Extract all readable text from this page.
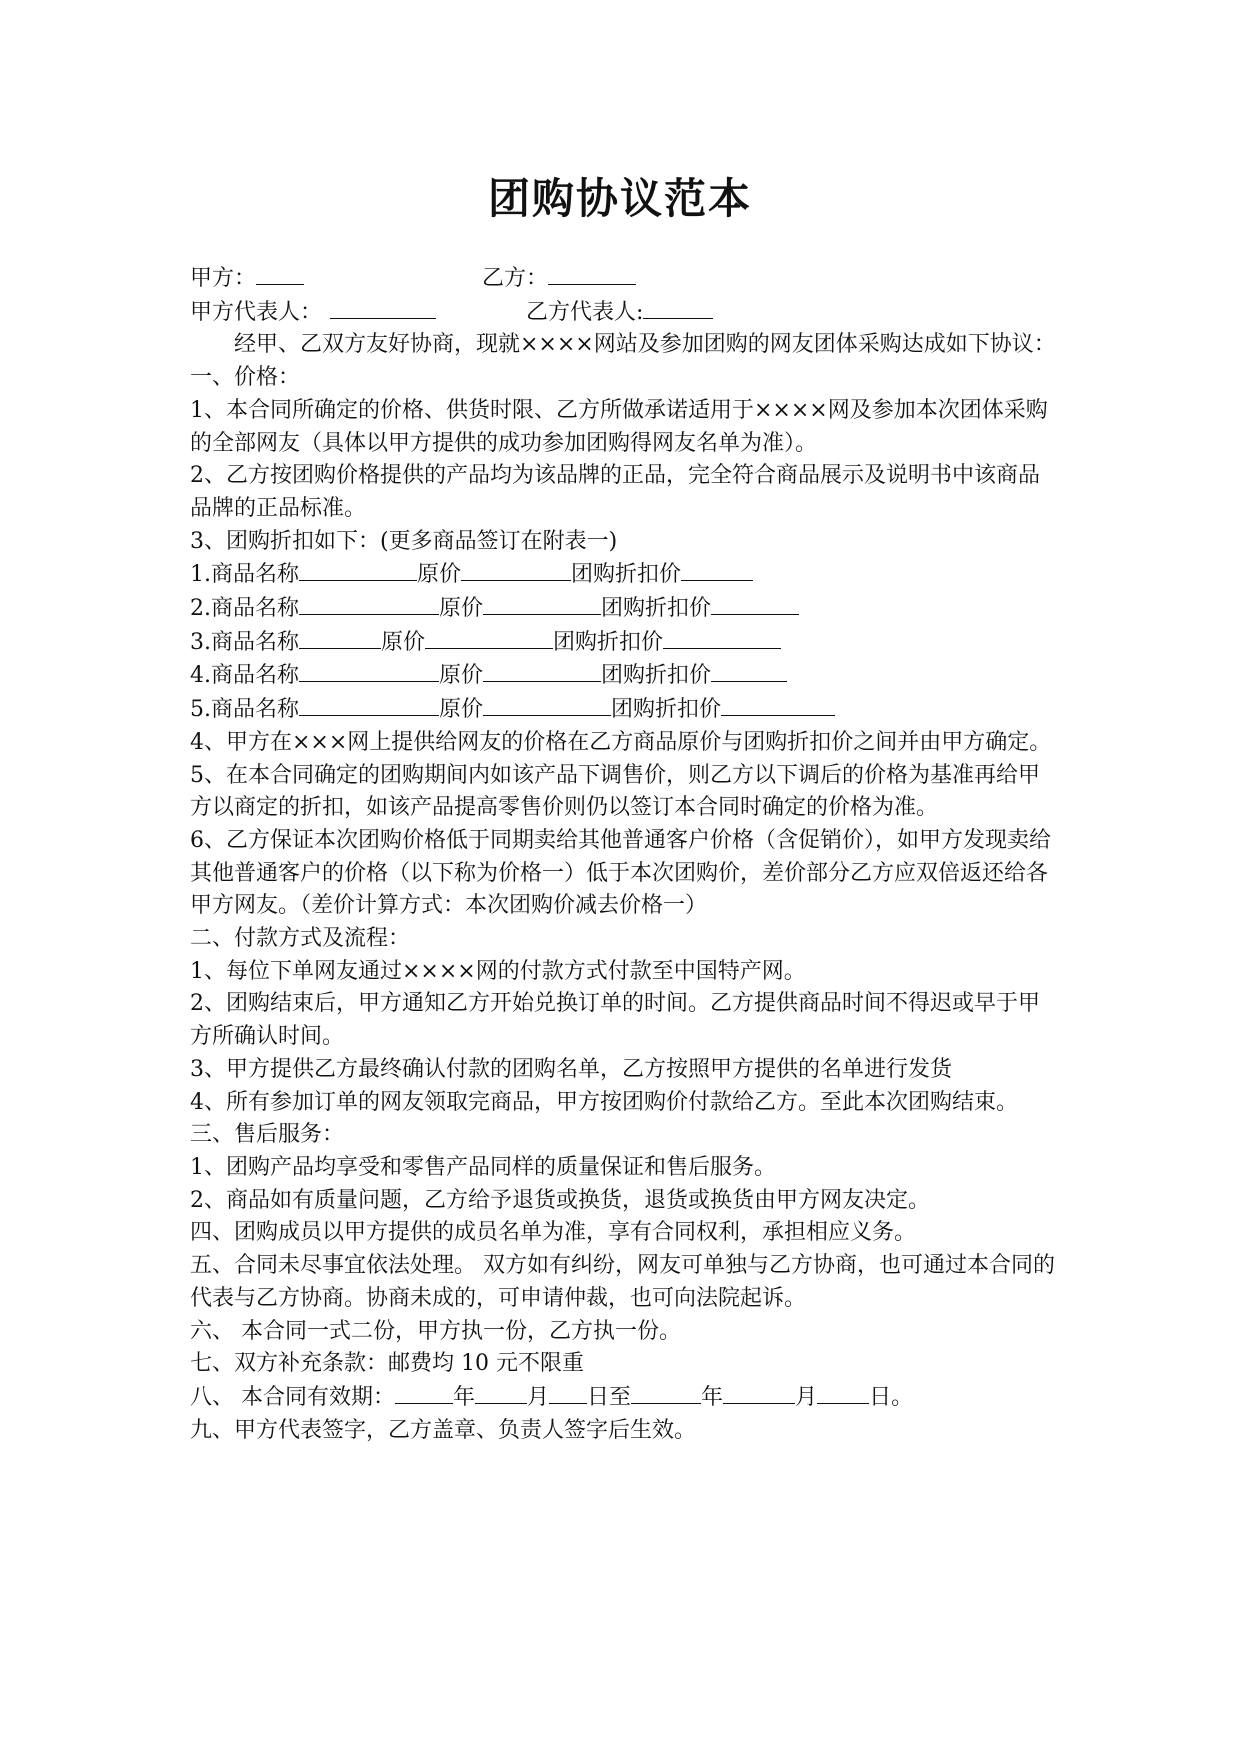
团购协议范本
甲方：	乙方：
甲方代表人：	乙方代表人:
经甲、乙双方友好协商，现就××××网站及参加团购的网友团体采购达成如下协议：
一、价格：
1、本合同所确定的价格、供货时限、乙方所做承诺适用于××××网及参加本次团体采购的全部网友（具体以甲方提供的成功参加团购得网友名单为准）。
2、乙方按团购价格提供的产品均为该品牌的正品，完全符合商品展示及说明书中该商品品牌的正品标准。
3、团购折扣如下：(更多商品签订在附表一)
1.商品名称	原价	团购折扣价
2.商品名称	原价	团购折扣价
3.商品名称	原价	团购折扣价
4.商品名称	原价	团购折扣价
5.商品名称	原价	团购折扣价
4、甲方在×××网上提供给网友的价格在乙方商品原价与团购折扣价之间并由甲方确定。
5、在本合同确定的团购期间内如该产品下调售价，则乙方以下调后的价格为基准再给甲方以商定的折扣，如该产品提高零售价则仍以签订本合同时确定的价格为准。
6、乙方保证本次团购价格低于同期卖给其他普通客户价格（含促销价），如甲方发现卖给其他普通客户的价格（以下称为价格一）低于本次团购价，差价部分乙方应双倍返还给各甲方网友。（差价计算方式：本次团购价减去价格一）
二、付款方式及流程：
1、每位下单网友通过××××网的付款方式付款至中国特产网。
2、团购结束后，甲方通知乙方开始兑换订单的时间。乙方提供商品时间不得迟或早于甲方所确认时间。
3、甲方提供乙方最终确认付款的团购名单，乙方按照甲方提供的名单进行发货
4、所有参加订单的网友领取完商品，甲方按团购价付款给乙方。至此本次团购结束。
三、售后服务：
1、团购产品均享受和零售产品同样的质量保证和售后服务。
2、商品如有质量问题，乙方给予退货或换货，退货或换货由甲方网友决定。
四、团购成员以甲方提供的成员名单为准，享有合同权利，承担相应义务。
五、合同未尽事宜依法处理。 双方如有纠纷，网友可单独与乙方协商，也可通过本合同的代表与乙方协商。协商未成的，可申请仲裁，也可向法院起诉。
六、 本合同一式二份，甲方执一份，乙方执一份。
七、双方补充条款：邮费均 10 元不限重
八、 本合同有效期：	年 月 日至	年	月 日。
九、甲方代表签字，乙方盖章、负责人签字后生效。
